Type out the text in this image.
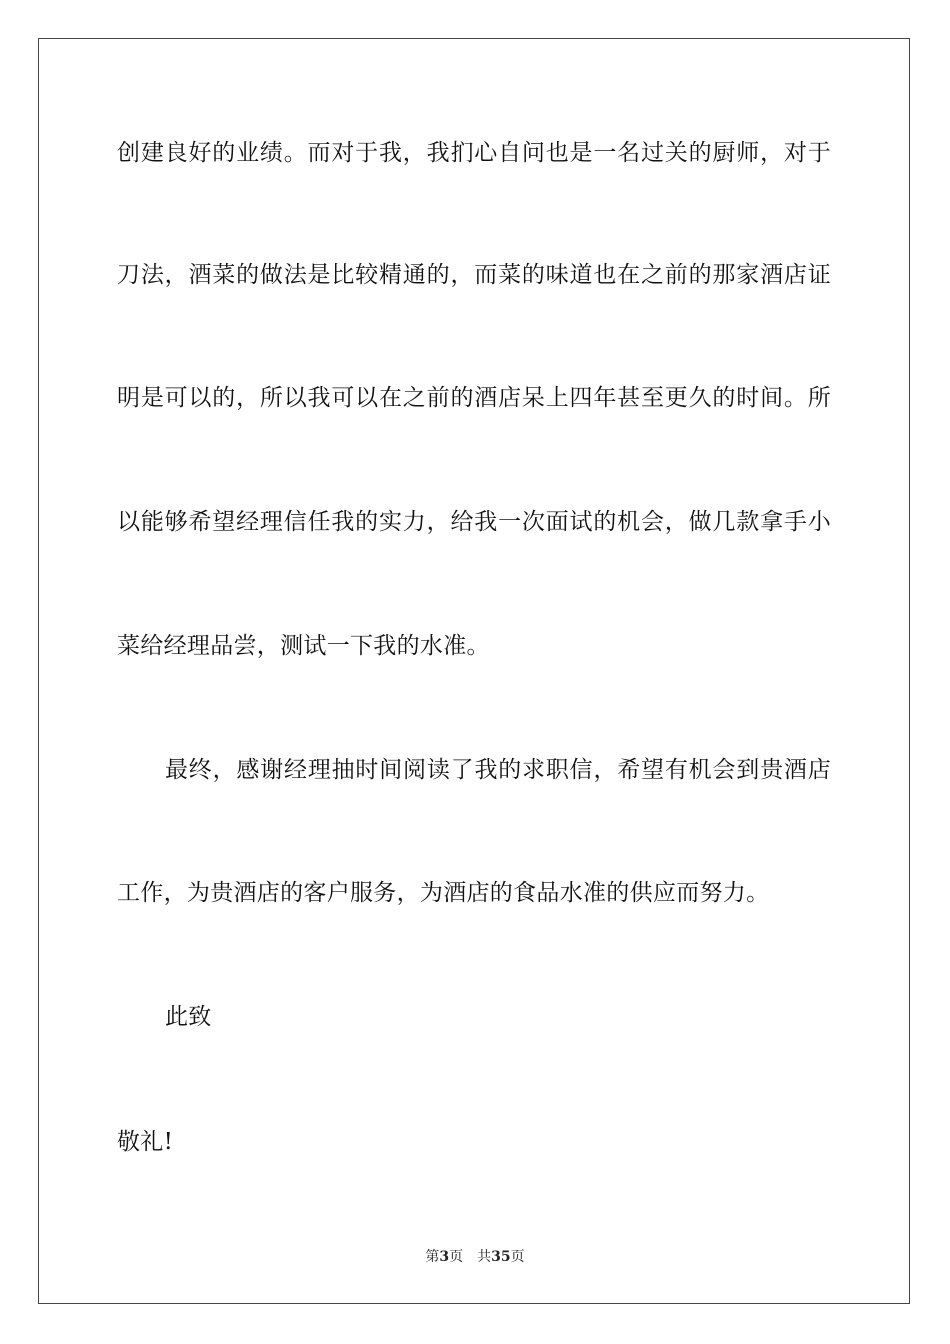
创建良好的业绩。而对于我，我扪心自问也是一名过关的厨师，对于
刀法，酒菜的做法是比较精通的，而菜的味道也在之前的那家酒店证
明是可以的，所以我可以在之前的酒店呆上四年甚至更久的时间。所
以能够希望经理信任我的实力，给我一次面试的机会，做几款拿手小
菜给经理品尝，测试一下我的水准。
最终，感谢经理抽时间阅读了我的求职信，希望有机会到贵酒店
工作，为贵酒店的客户服务，为酒店的食品水准的供应而努力。
此致
敬礼!
第3页 共35页
